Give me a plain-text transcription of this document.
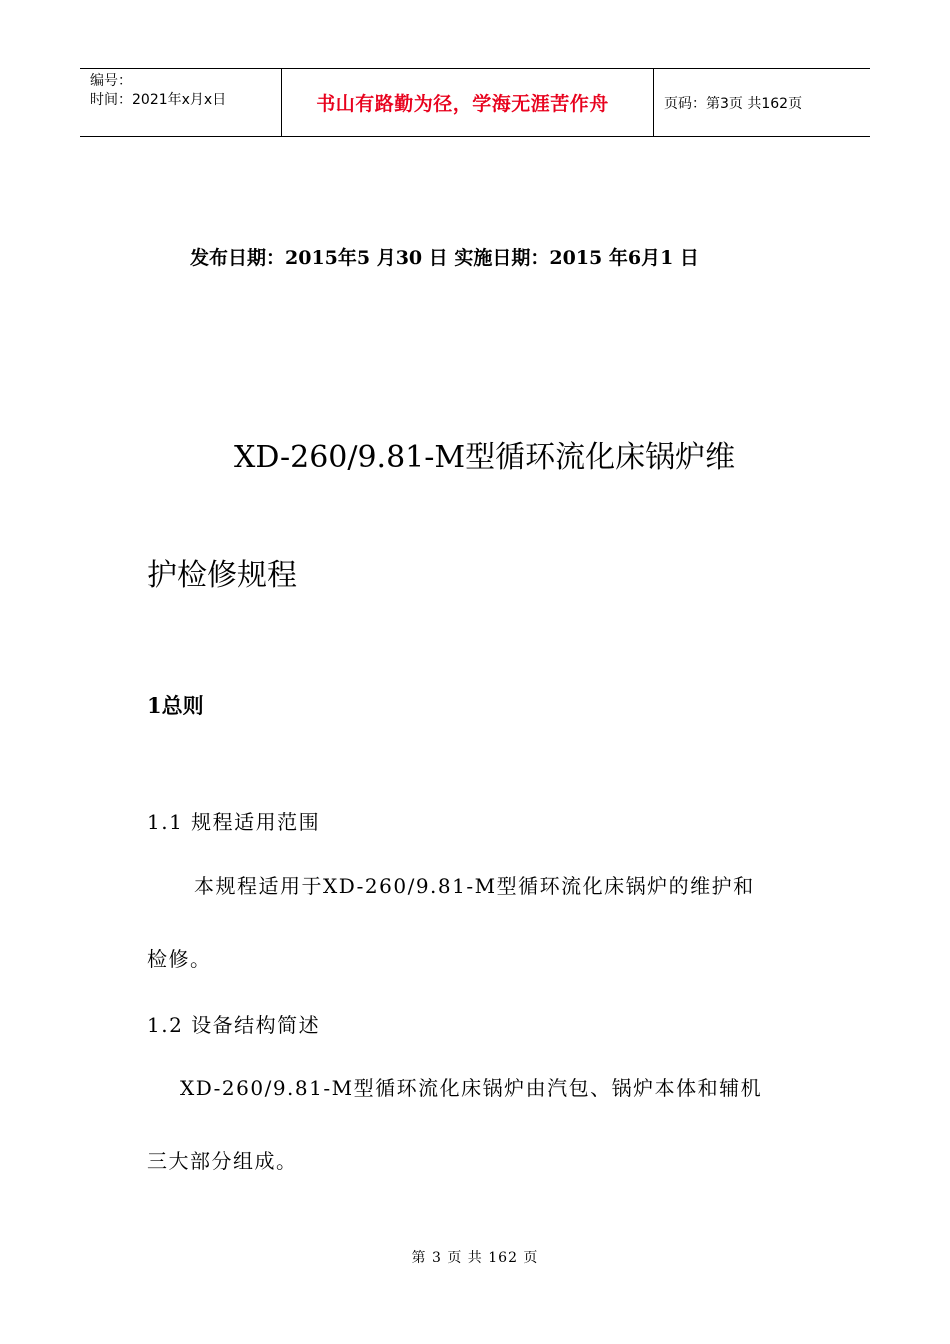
编号：
时间：2021年x月x日	书山有路勤为径，学海无涯苦作舟	页码：第3页 共162页
发布日期：2015年5 月30 日 实施日期：2015 年6月1 日
XD-260/9.81-M型循环流化床锅炉维
护检修规程
1总则
1.1 规程适用范围
本规程适用于XD-260/9.81-M型循环流化床锅炉的维护和
检修。
1.2 设备结构简述
XD-260/9.81-M型循环流化床锅炉由汽包、锅炉本体和辅机
三大部分组成。
第 3 页 共 162 页
